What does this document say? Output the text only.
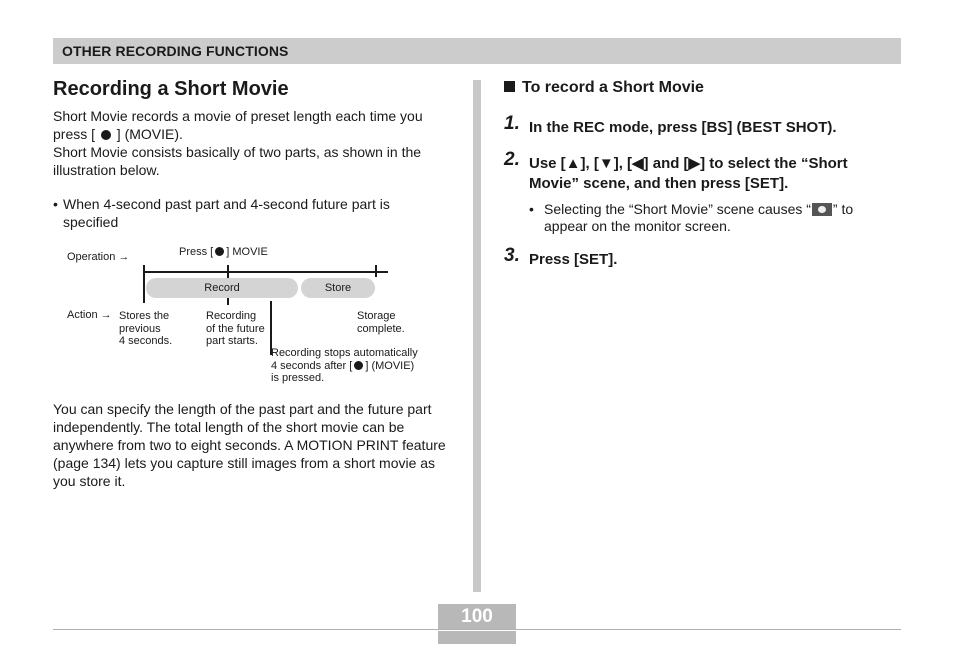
OTHER RECORDING FUNCTIONS
Recording a Short Movie

Short Movie records a movie of preset length each time you press [ ] (MOVIE).
Short Movie consists basically of two parts, as shown in the illustration below.

• When 4-second past part and 4-second future part is specified
Operation →	Press [ ] MOVIE
Record	Store
Action → Stores the
previous
4 seconds.
Recording
of the future
part starts.
Storage
complete.
Recording stops automatically
4 seconds after [ ] (MOVIE)
is pressed.

You can specify the length of the past part and the future part independently. The total length of the short movie can be anywhere from two to eight seconds. A MOTION PRINT feature (page 134) lets you capture still images from a short movie as you store it.

To record a Short Movie
1. In the REC mode, press [BS] (BEST SHOT).
2. Use [▲], [▼], [◀] and [▶] to select the “Short Movie” scene, and then press [SET].
• Selecting the “Short Movie” scene causes “ ” to appear on the monitor screen.
3. Press [SET].
100
